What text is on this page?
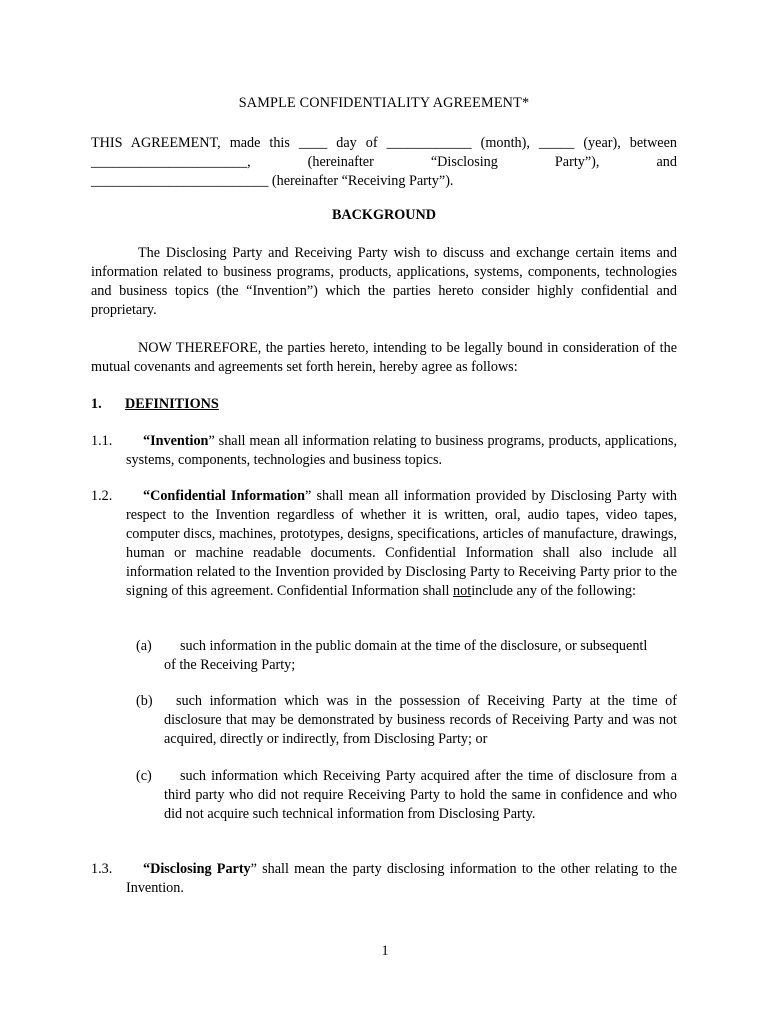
SAMPLE CONFIDENTIALITY AGREEMENT*
THIS AGREEMENT, made this ____ day of ____________ (month), _____ (year), between
______________________,	(hereinafter	“Disclosing	Party”),	and
_________________________ (hereinafter “Receiving Party”).
BACKGROUND
The Disclosing Party and Receiving Party wish to discuss and exchange certain items and information related to business programs, products, applications, systems, components, technologies and business topics (the “Invention”) which the parties hereto consider highly confidential and proprietary.
NOW THEREFORE, the parties hereto, intending to be legally bound in consideration of the mutual covenants and agreements set forth herein, hereby agree as follows:
1.	DEFINITIONS
1.1.	“Invention” shall mean all information relating to business programs, products, applications, systems, components, technologies and business topics.
1.2.	“Confidential Information” shall mean all information provided by Disclosing Party with respect to the Invention regardless of whether it is written, oral, audio tapes, video tapes, computer discs, machines, prototypes, designs, specifications, articles of manufacture, drawings, human or machine readable documents. Confidential Information shall also include all information related to the Invention provided by Disclosing Party to Receiving Party prior to the signing of this agreement. Confidential Information shall notinclude any of the following:
(a)	such information in the public domain at the time of the disclosure, or subsequentl
of the Receiving Party;
(b)	such information which was in the possession of Receiving Party at the time of disclosure that may be demonstrated by business records of Receiving Party and was not acquired, directly or indirectly, from Disclosing Party; or
(c)	such information which Receiving Party acquired after the time of disclosure from a third party who did not require Receiving Party to hold the same in confidence and who did not acquire such technical information from Disclosing Party.
1.3.	“Disclosing Party” shall mean the party disclosing information to the other relating to the Invention.
1
